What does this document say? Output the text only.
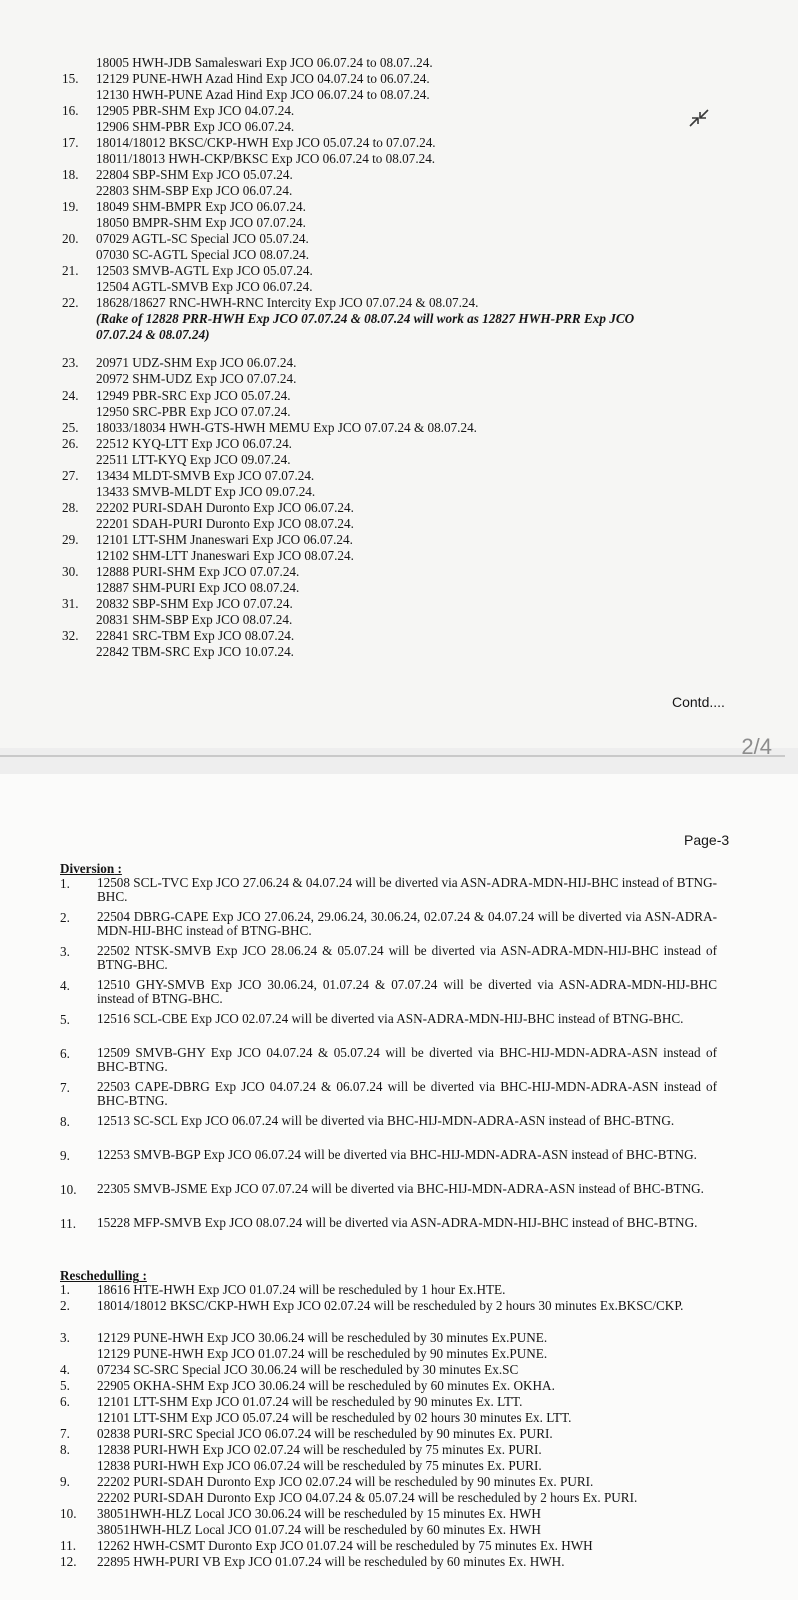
18005 HWH-JDB Samaleswari Exp JCO 06.07.24 to 08.07..24.
15. 12129 PUNE-HWH Azad Hind Exp JCO 04.07.24 to 06.07.24.
12130 HWH-PUNE Azad Hind Exp JCO 06.07.24 to 08.07.24.
16. 12905 PBR-SHM Exp JCO 04.07.24.
12906 SHM-PBR Exp JCO 06.07.24.
17. 18014/18012 BKSC/CKP-HWH Exp JCO 05.07.24 to 07.07.24.
18011/18013 HWH-CKP/BKSC Exp JCO 06.07.24 to 08.07.24.
18. 22804 SBP-SHM Exp JCO 05.07.24.
22803 SHM-SBP Exp JCO 06.07.24.
19. 18049 SHM-BMPR Exp JCO 06.07.24.
18050 BMPR-SHM Exp JCO 07.07.24.
20. 07029 AGTL-SC Special JCO 05.07.24.
07030 SC-AGTL Special JCO 08.07.24.
21. 12503 SMVB-AGTL Exp JCO 05.07.24.
12504 AGTL-SMVB Exp JCO 06.07.24.
22. 18628/18627 RNC-HWH-RNC Intercity Exp JCO 07.07.24 & 08.07.24.
(Rake of 12828 PRR-HWH Exp JCO 07.07.24 & 08.07.24 will work as 12827 HWH-PRR Exp JCO
07.07.24 & 08.07.24)
23. 20971 UDZ-SHM Exp JCO 06.07.24.
20972 SHM-UDZ Exp JCO 07.07.24.
24. 12949 PBR-SRC Exp JCO 05.07.24.
12950 SRC-PBR Exp JCO 07.07.24.
25. 18033/18034 HWH-GTS-HWH MEMU Exp JCO 07.07.24 & 08.07.24.
26. 22512 KYQ-LTT Exp JCO 06.07.24.
22511 LTT-KYQ Exp JCO 09.07.24.
27. 13434 MLDT-SMVB Exp JCO 07.07.24.
13433 SMVB-MLDT Exp JCO 09.07.24.
28. 22202 PURI-SDAH Duronto Exp JCO 06.07.24.
22201 SDAH-PURI Duronto Exp JCO 08.07.24.
29. 12101 LTT-SHM Jnaneswari Exp JCO 06.07.24.
12102 SHM-LTT Jnaneswari Exp JCO 08.07.24.
30. 12888 PURI-SHM Exp JCO 07.07.24.
12887 SHM-PURI Exp JCO 08.07.24.
31. 20832 SBP-SHM Exp JCO 07.07.24.
20831 SHM-SBP Exp JCO 08.07.24.
32. 22841 SRC-TBM Exp JCO 08.07.24.
22842 TBM-SRC Exp JCO 10.07.24.
Contd....
2/4
Page-3
Diversion :
1. 12508 SCL-TVC Exp JCO 27.06.24 & 04.07.24 will be diverted via ASN-ADRA-MDN-HIJ-BHC instead of BTNG-BHC.
2. 22504 DBRG-CAPE Exp JCO 27.06.24, 29.06.24, 30.06.24, 02.07.24 & 04.07.24 will be diverted via ASN-ADRA-MDN-HIJ-BHC instead of BTNG-BHC.
3. 22502 NTSK-SMVB Exp JCO 28.06.24 & 05.07.24 will be diverted via ASN-ADRA-MDN-HIJ-BHC instead of BTNG-BHC.
4. 12510 GHY-SMVB Exp JCO 30.06.24, 01.07.24 & 07.07.24 will be diverted via ASN-ADRA-MDN-HIJ-BHC instead of BTNG-BHC.
5. 12516 SCL-CBE Exp JCO 02.07.24 will be diverted via ASN-ADRA-MDN-HIJ-BHC instead of BTNG-BHC.
6. 12509 SMVB-GHY Exp JCO 04.07.24 & 05.07.24 will be diverted via BHC-HIJ-MDN-ADRA-ASN instead of BHC-BTNG.
7. 22503 CAPE-DBRG Exp JCO 04.07.24 & 06.07.24 will be diverted via BHC-HIJ-MDN-ADRA-ASN instead of BHC-BTNG.
8. 12513 SC-SCL Exp JCO 06.07.24 will be diverted via BHC-HIJ-MDN-ADRA-ASN instead of BHC-BTNG.
9. 12253 SMVB-BGP Exp JCO 06.07.24 will be diverted via BHC-HIJ-MDN-ADRA-ASN instead of BHC-BTNG.
10. 22305 SMVB-JSME Exp JCO 07.07.24 will be diverted via BHC-HIJ-MDN-ADRA-ASN instead of BHC-BTNG.
11. 15228 MFP-SMVB Exp JCO 08.07.24 will be diverted via ASN-ADRA-MDN-HIJ-BHC instead of BHC-BTNG.
Reschedulling :
1. 18616 HTE-HWH Exp JCO 01.07.24 will be rescheduled by 1 hour Ex.HTE.
2. 18014/18012 BKSC/CKP-HWH Exp JCO 02.07.24 will be rescheduled by 2 hours 30 minutes Ex.BKSC/CKP.
3. 12129 PUNE-HWH Exp JCO 30.06.24 will be rescheduled by 30 minutes Ex.PUNE.
12129 PUNE-HWH Exp JCO 01.07.24 will be rescheduled by 90 minutes Ex.PUNE.
4. 07234 SC-SRC Special JCO 30.06.24 will be rescheduled by 30 minutes Ex.SC
5. 22905 OKHA-SHM Exp JCO 30.06.24 will be rescheduled by 60 minutes Ex. OKHA.
6. 12101 LTT-SHM Exp JCO 01.07.24 will be rescheduled by 90 minutes Ex. LTT.
12101 LTT-SHM Exp JCO 05.07.24 will be rescheduled by 02 hours 30 minutes Ex. LTT.
7. 02838 PURI-SRC Special JCO 06.07.24 will be rescheduled by 90 minutes Ex. PURI.
8. 12838 PURI-HWH Exp JCO 02.07.24 will be rescheduled by 75 minutes Ex. PURI.
12838 PURI-HWH Exp JCO 06.07.24 will be rescheduled by 75 minutes Ex. PURI.
9. 22202 PURI-SDAH Duronto Exp JCO 02.07.24 will be rescheduled by 90 minutes Ex. PURI.
22202 PURI-SDAH Duronto Exp JCO 04.07.24 & 05.07.24 will be rescheduled by 2 hours Ex. PURI.
10. 38051HWH-HLZ Local JCO 30.06.24 will be rescheduled by 15 minutes Ex. HWH
38051HWH-HLZ Local JCO 01.07.24 will be rescheduled by 60 minutes Ex. HWH
11. 12262 HWH-CSMT Duronto Exp JCO 01.07.24 will be rescheduled by 75 minutes Ex. HWH
12. 22895 HWH-PURI VB Exp JCO 01.07.24 will be rescheduled by 60 minutes Ex. HWH.
